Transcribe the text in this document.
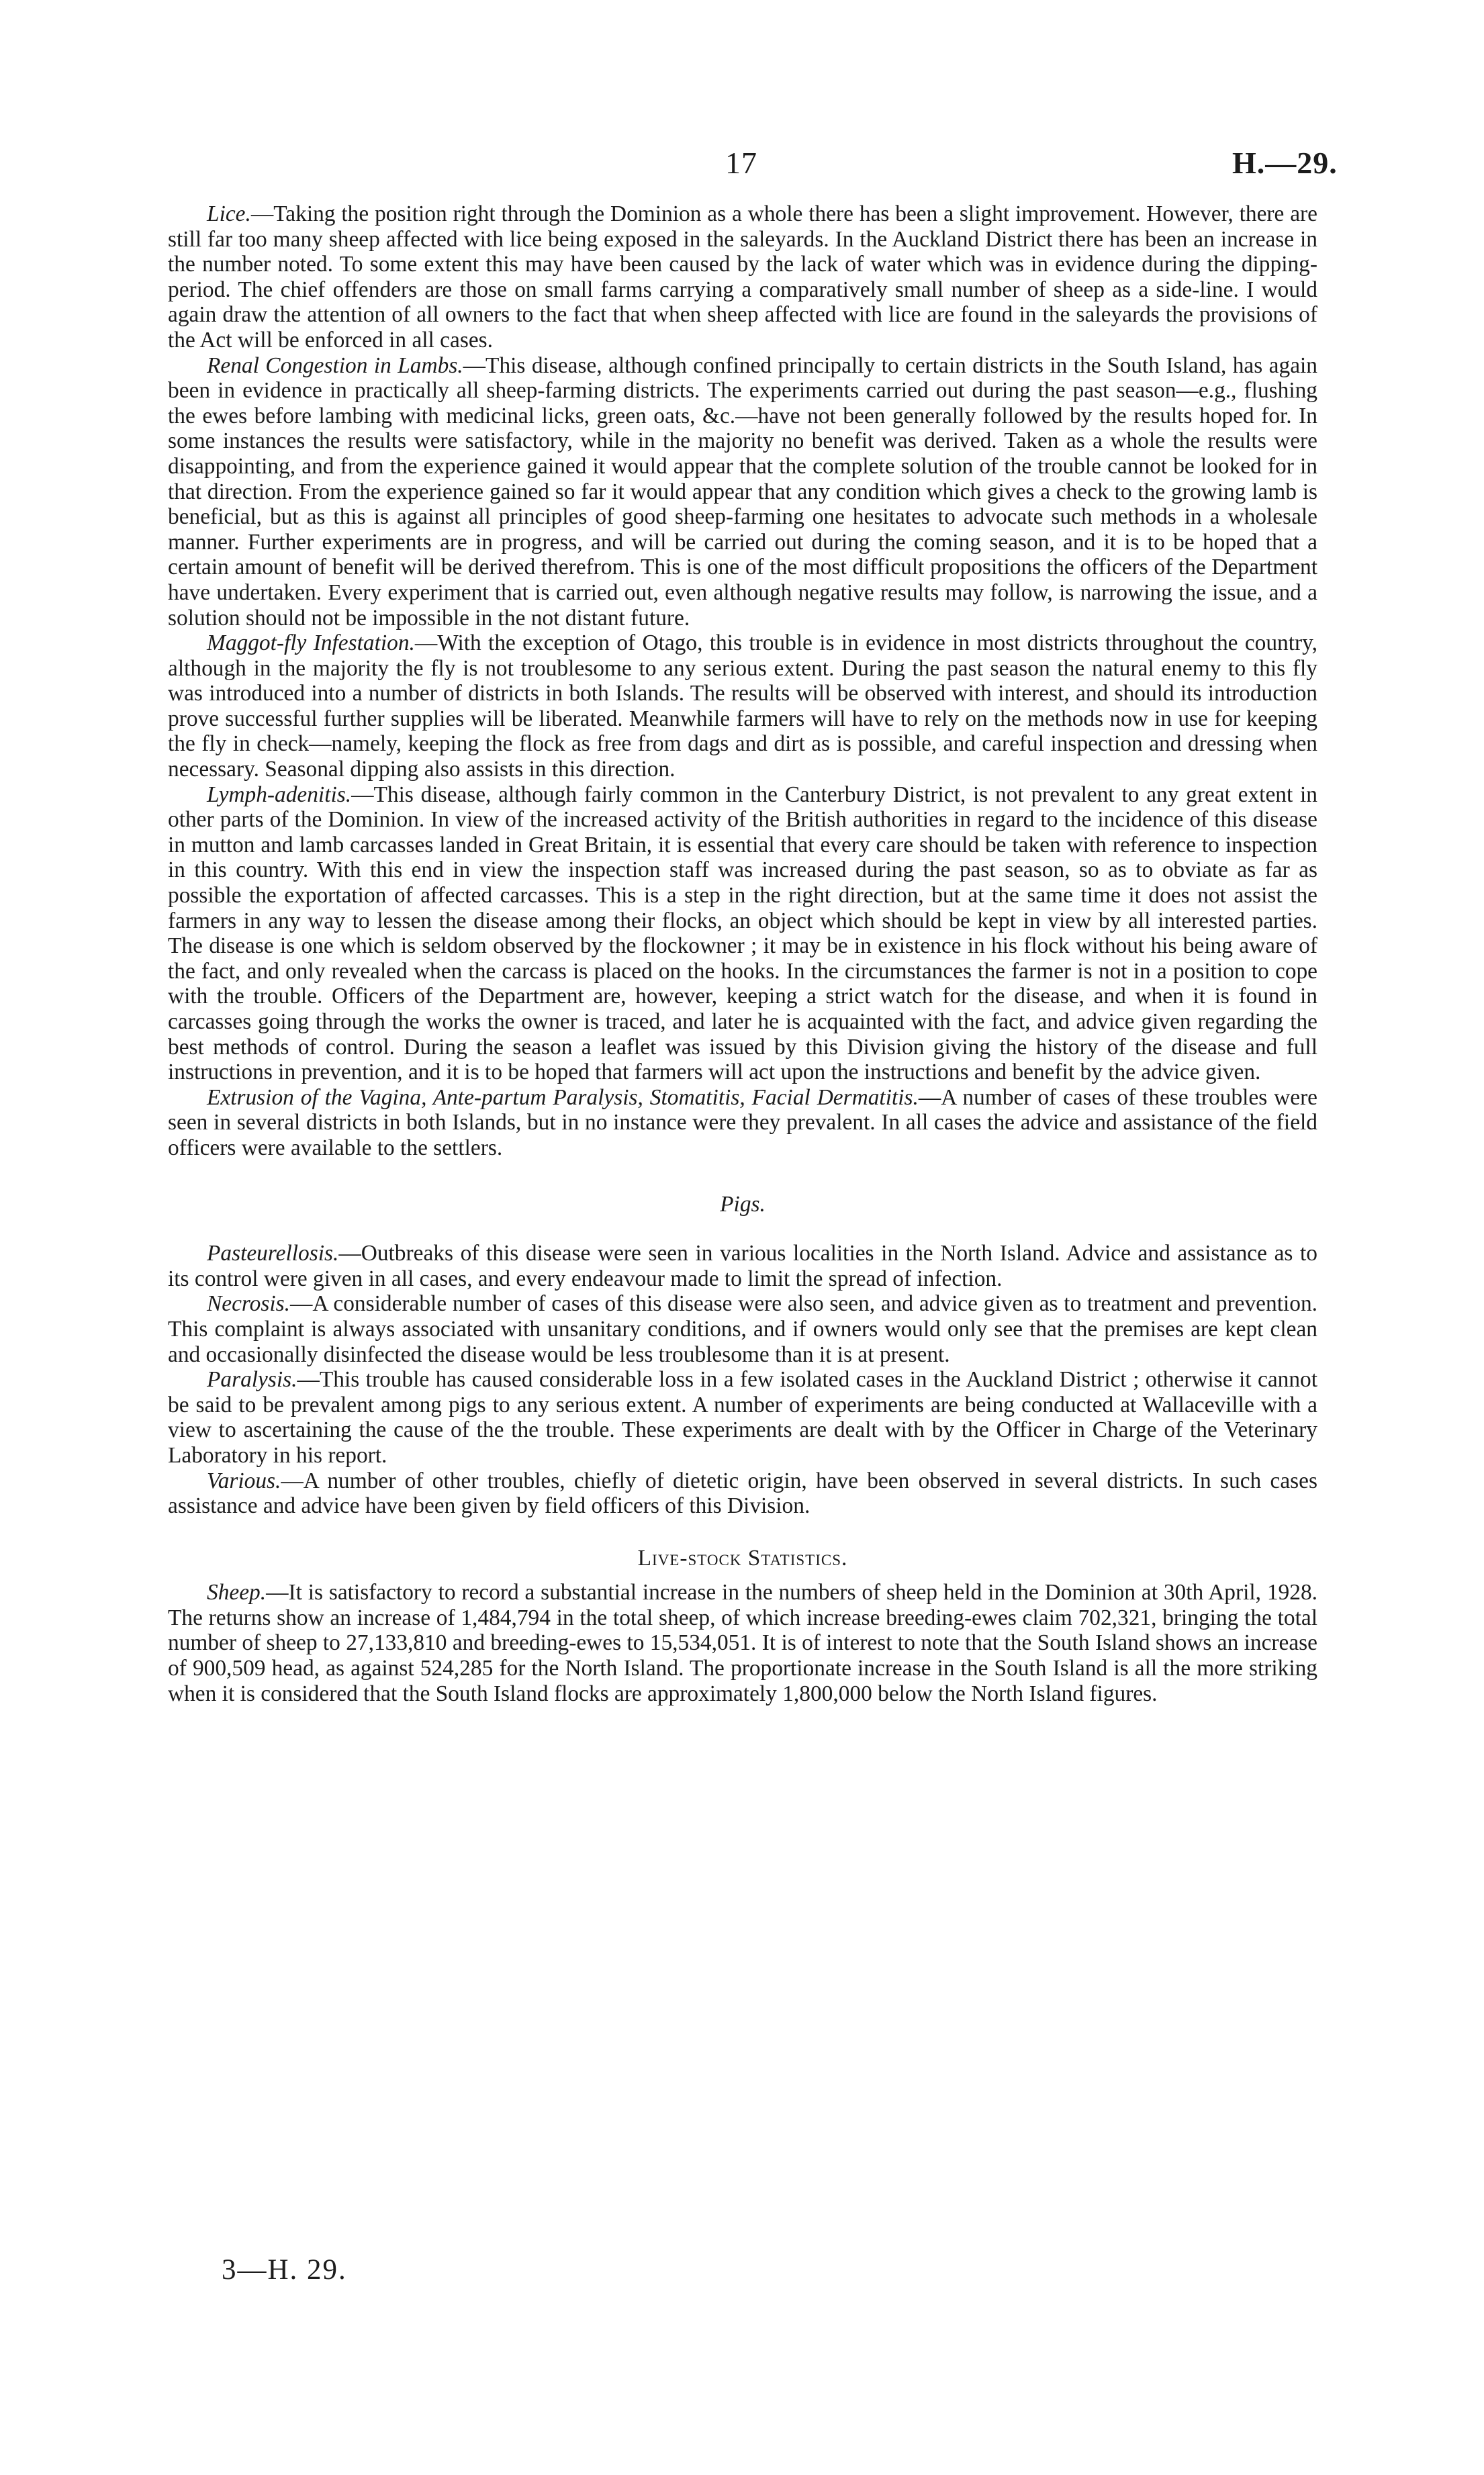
17	H.—29.

Lice.—Taking the position right through the Dominion as a whole there has been a slight improvement. However, there are still far too many sheep affected with lice being exposed in the saleyards. In the Auckland District there has been an increase in the number noted. To some extent this may have been caused by the lack of water which was in evidence during the dipping-period. The chief offenders are those on small farms carrying a comparatively small number of sheep as a side-line. I would again draw the attention of all owners to the fact that when sheep affected with lice are found in the saleyards the provisions of the Act will be enforced in all cases.

Renal Congestion in Lambs.—This disease, although confined principally to certain districts in the South Island, has again been in evidence in practically all sheep-farming districts. The experiments carried out during the past season—e.g., flushing the ewes before lambing with medicinal licks, green oats, &c.—have not been generally followed by the results hoped for. In some instances the results were satisfactory, while in the majority no benefit was derived. Taken as a whole the results were disappointing, and from the experience gained it would appear that the complete solution of the trouble cannot be looked for in that direction. From the experience gained so far it would appear that any condition which gives a check to the growing lamb is beneficial, but as this is against all principles of good sheep-farming one hesitates to advocate such methods in a wholesale manner. Further experiments are in progress, and will be carried out during the coming season, and it is to be hoped that a certain amount of benefit will be derived therefrom. This is one of the most difficult propositions the officers of the Department have undertaken. Every experiment that is carried out, even although negative results may follow, is narrowing the issue, and a solution should not be impossible in the not distant future.

Maggot-fly Infestation.—With the exception of Otago, this trouble is in evidence in most districts throughout the country, although in the majority the fly is not troublesome to any serious extent. During the past season the natural enemy to this fly was introduced into a number of districts in both Islands. The results will be observed with interest, and should its introduction prove successful further supplies will be liberated. Meanwhile farmers will have to rely on the methods now in use for keeping the fly in check—namely, keeping the flock as free from dags and dirt as is possible, and careful inspection and dressing when necessary. Seasonal dipping also assists in this direction.

Lymph-adenitis.—This disease, although fairly common in the Canterbury District, is not prevalent to any great extent in other parts of the Dominion. In view of the increased activity of the British authorities in regard to the incidence of this disease in mutton and lamb carcasses landed in Great Britain, it is essential that every care should be taken with reference to inspection in this country. With this end in view the inspection staff was increased during the past season, so as to obviate as far as possible the exportation of affected carcasses. This is a step in the right direction, but at the same time it does not assist the farmers in any way to lessen the disease among their flocks, an object which should be kept in view by all interested parties. The disease is one which is seldom observed by the flockowner ; it may be in existence in his flock without his being aware of the fact, and only revealed when the carcass is placed on the hooks. In the circumstances the farmer is not in a position to cope with the trouble. Officers of the Department are, however, keeping a strict watch for the disease, and when it is found in carcasses going through the works the owner is traced, and later he is acquainted with the fact, and advice given regarding the best methods of control. During the season a leaflet was issued by this Division giving the history of the disease and full instructions in prevention, and it is to be hoped that farmers will act upon the instructions and benefit by the advice given.

Extrusion of the Vagina, Ante-partum Paralysis, Stomatitis, Facial Dermatitis.—A number of cases of these troubles were seen in several districts in both Islands, but in no instance were they prevalent. In all cases the advice and assistance of the field officers were available to the settlers.

Pigs.

Pasteurellosis.—Outbreaks of this disease were seen in various localities in the North Island. Advice and assistance as to its control were given in all cases, and every endeavour made to limit the spread of infection.

Necrosis.—A considerable number of cases of this disease were also seen, and advice given as to treatment and prevention. This complaint is always associated with unsanitary conditions, and if owners would only see that the premises are kept clean and occasionally disinfected the disease would be less troublesome than it is at present.

Paralysis.—This trouble has caused considerable loss in a few isolated cases in the Auckland District ; otherwise it cannot be said to be prevalent among pigs to any serious extent. A number of experiments are being conducted at Wallaceville with a view to ascertaining the cause of the the trouble. These experiments are dealt with by the Officer in Charge of the Veterinary Laboratory in his report.

Various.—A number of other troubles, chiefly of dietetic origin, have been observed in several districts. In such cases assistance and advice have been given by field officers of this Division.

Live-stock Statistics.

Sheep.—It is satisfactory to record a substantial increase in the numbers of sheep held in the Dominion at 30th April, 1928. The returns show an increase of 1,484,794 in the total sheep, of which increase breeding-ewes claim 702,321, bringing the total number of sheep to 27,133,810 and breeding-ewes to 15,534,051. It is of interest to note that the South Island shows an increase of 900,509 head, as against 524,285 for the North Island. The proportionate increase in the South Island is all the more striking when it is considered that the South Island flocks are approximately 1,800,000 below the North Island figures.

3—H. 29.
